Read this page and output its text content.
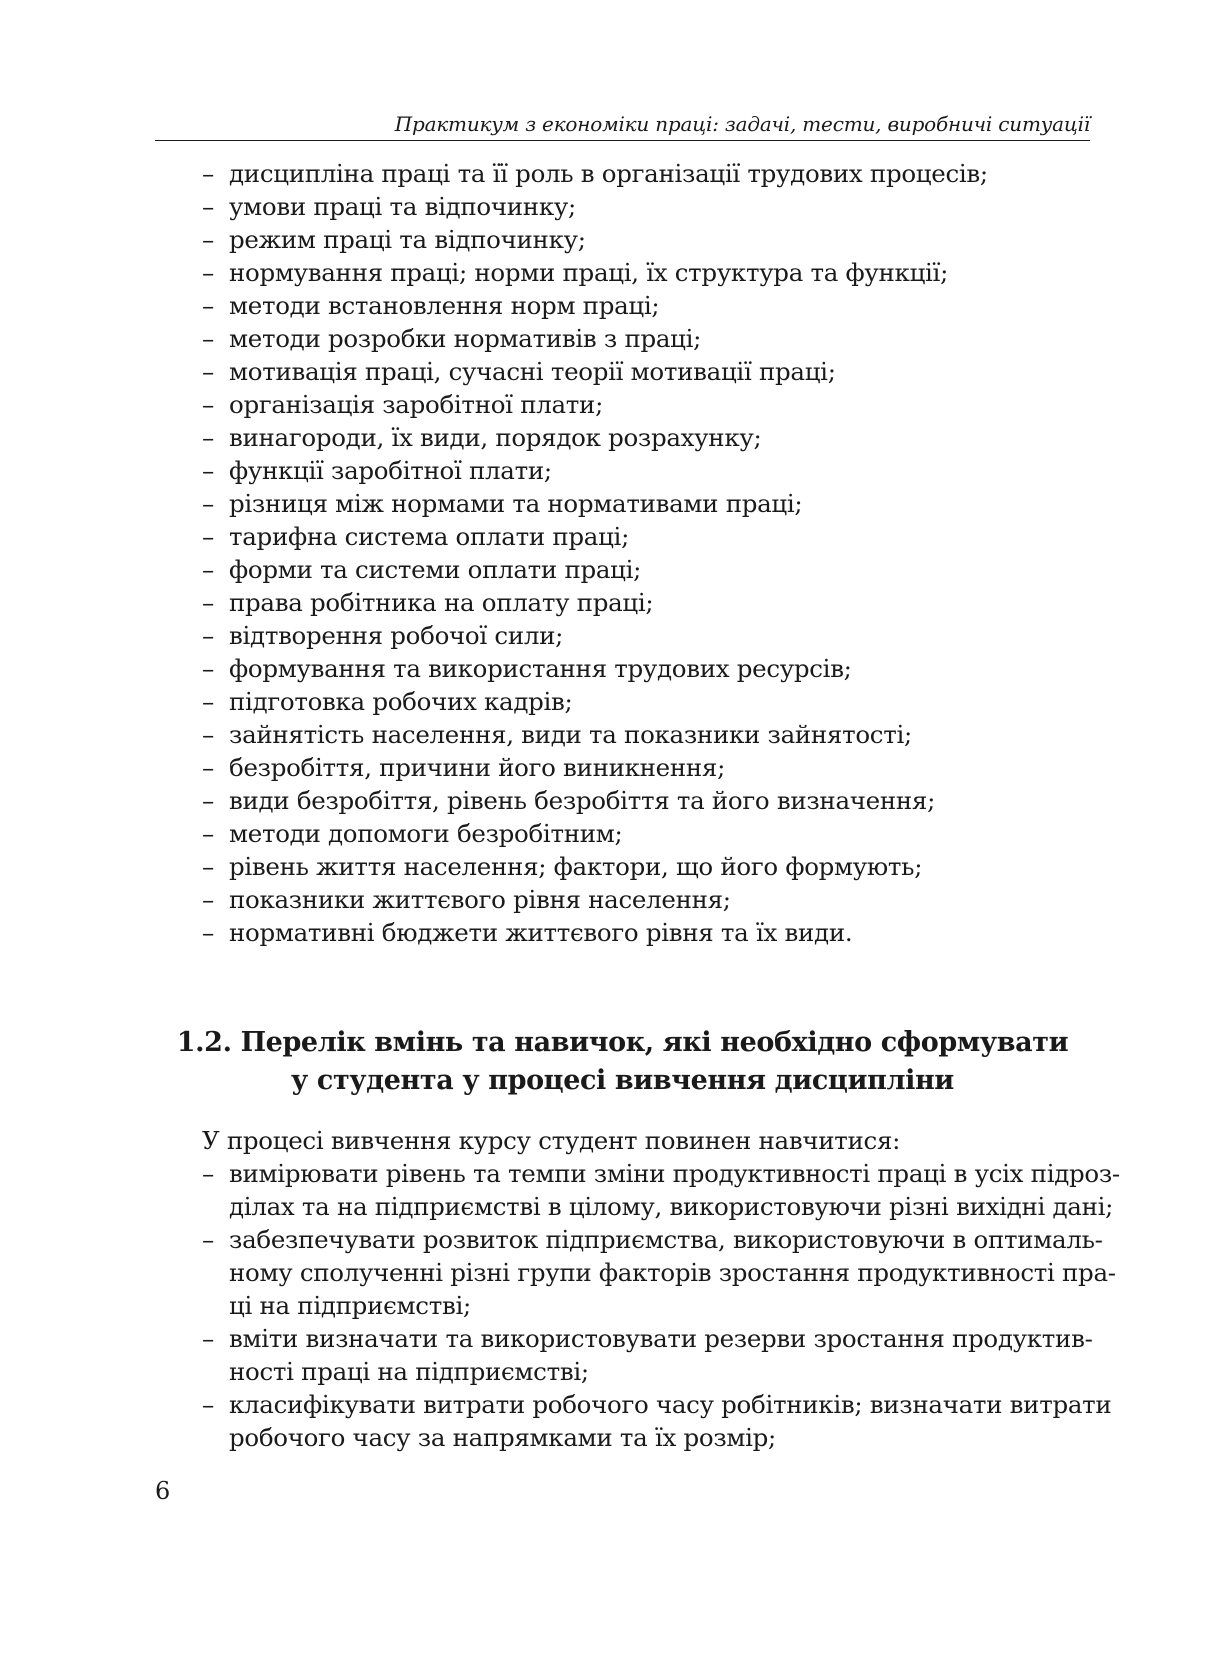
Практикум з економіки праці: задачі, тести, виробничі ситуації
– дисципліна праці та її роль в організації трудових процесів;
– умови праці та відпочинку;
– режим праці та відпочинку;
– нормування праці; норми праці, їх структура та функції;
– методи встановлення норм праці;
– методи розробки нормативів з праці;
– мотивація праці, сучасні теорії мотивації праці;
– організація заробітної плати;
– винагороди, їх види, порядок розрахунку;
– функції заробітної плати;
– різниця між нормами та нормативами праці;
– тарифна система оплати праці;
– форми та системи оплати праці;
– права робітника на оплату праці;
– відтворення робочої сили;
– формування та використання трудових ресурсів;
– підготовка робочих кадрів;
– зайнятість населення, види та показники зайнятості;
– безробіття, причини його виникнення;
– види безробіття, рівень безробіття та його визначення;
– методи допомоги безробітним;
– рівень життя населення; фактори, що його формують;
– показники життєвого рівня населення;
– нормативні бюджети життєвого рівня та їх види.
1.2. Перелік вмінь та навичок, які необхідно сформувати
у студента у процесі вивчення дисципліни

У процесі вивчення курсу студент повинен навчитися:

– вимірювати рівень та темпи зміни продуктивності праці в усіх підроз-
ділах та на підприємстві в цілому, використовуючи різні вихідні дані;
– забезпечувати розвиток підприємства, використовуючи в оптималь-
ному сполученні різні групи факторів зростання продуктивності пра-
ці на підприємстві;
– вміти визначати та використовувати резерви зростання продуктив-
ності праці на підприємстві;
– класифікувати витрати робочого часу робітників; визначати витрати
робочого часу за напрямками та їх розмір;
6
